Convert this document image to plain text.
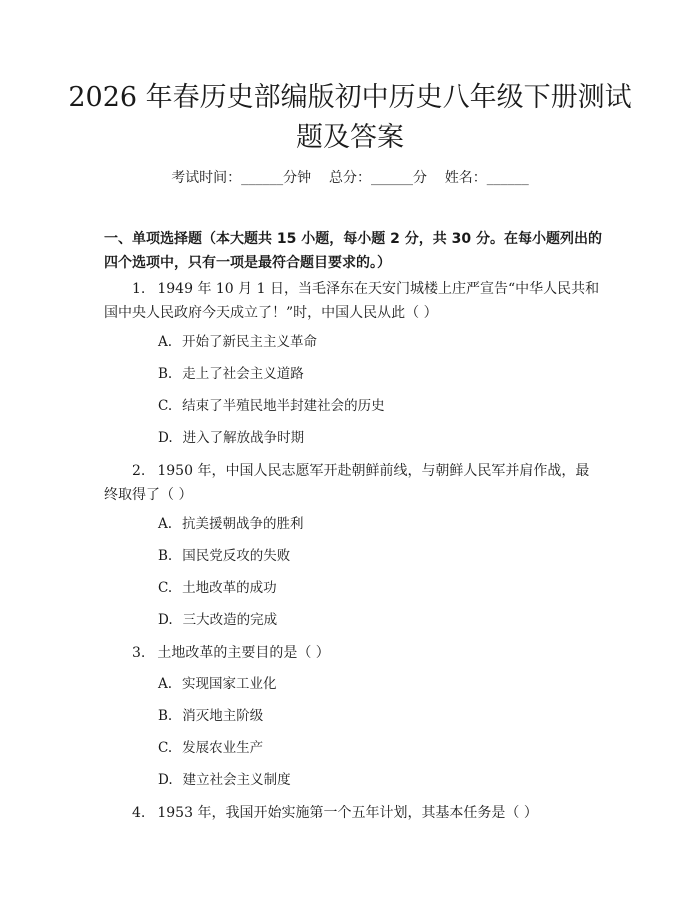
2026 年春历史部编版初中历史八年级下册测试题及答案
考试时间：______分钟    总分：______分    姓名：______

一、单项选择题（本大题共 15 小题，每小题 2 分，共 30 分。在每小题列出的四个选项中，只有一项是最符合题目要求的。）

1. 1949 年 10 月 1 日，当毛泽东在天安门城楼上庄严宣告“中华人民共和国中央人民政府今天成立了！”时，中国人民从此（ ）

A. 开始了新民主主义革命

B. 走上了社会主义道路

C. 结束了半殖民地半封建社会的历史

D. 进入了解放战争时期

2. 1950 年，中国人民志愿军开赴朝鲜前线，与朝鲜人民军并肩作战，最终取得了（ ）

A. 抗美援朝战争的胜利

B. 国民党反攻的失败

C. 土地改革的成功

D. 三大改造的完成

3. 土地改革的主要目的是（ ）

A. 实现国家工业化

B. 消灭地主阶级

C. 发展农业生产

D. 建立社会主义制度

4. 1953 年，我国开始实施第一个五年计划，其基本任务是（ ）
